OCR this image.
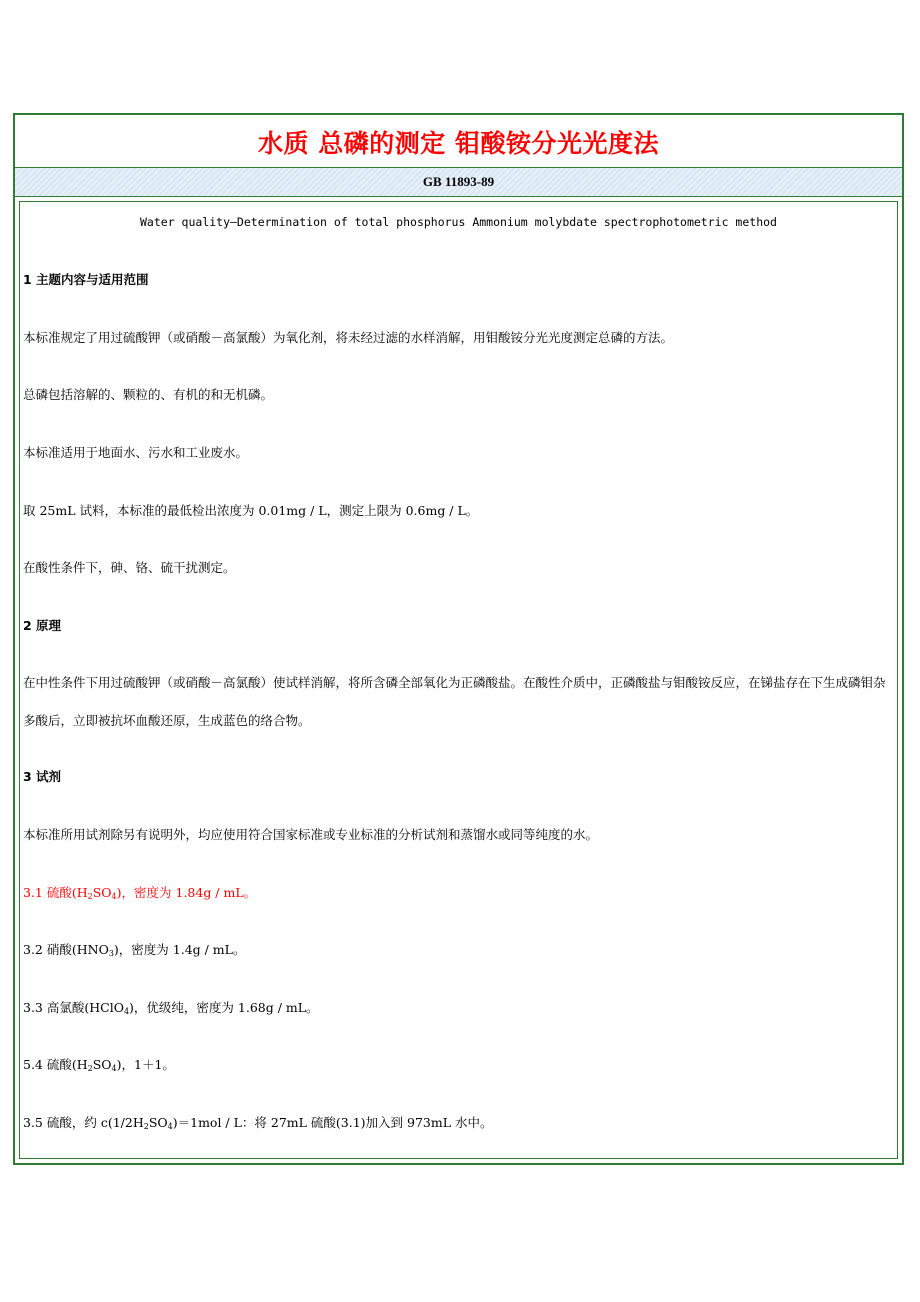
水质 总磷的测定 钼酸铵分光光度法
GB 11893-89
Water quality—Determination of total phosphorus Ammonium molybdate spectrophotometric method
1 主题内容与适用范围
本标准规定了用过硫酸钾（或硝酸－高氯酸）为氧化剂，将未经过滤的水样消解，用钼酸铵分光光度测定总磷的方法。
总磷包括溶解的、颗粒的、有机的和无机磷。
本标准适用于地面水、污水和工业废水。
取 25mL 试料，本标准的最低检出浓度为 0.01mg / L，测定上限为 0.6mg / L。
在酸性条件下，砷、铬、硫干扰测定。
2 原理
在中性条件下用过硫酸钾（或硝酸－高氯酸）使试样消解，将所含磷全部氧化为正磷酸盐。在酸性介质中，正磷酸盐与钼酸铵反应，在锑盐存在下生成磷钼杂多酸后，立即被抗坏血酸还原，生成蓝色的络合物。
3 试剂
本标准所用试剂除另有说明外，均应使用符合国家标准或专业标准的分析试剂和蒸馏水或同等纯度的水。
3.1 硫酸$(H_2SO_4)$，密度为 1.84g / mL。
3.2 硝酸$(HNO_3)$，密度为 1.4g / mL。
3.3 高氯酸(HClO$_4$)，优级纯，密度为 1.68g / mL。
5.4 硫酸$(H_2SO_4)$，1＋1。
3.5 硫酸，约 $c(1/2H_2SO_4)=1mol / L$：将 27mL 硫酸(3.1)加入到 973mL 水中。
